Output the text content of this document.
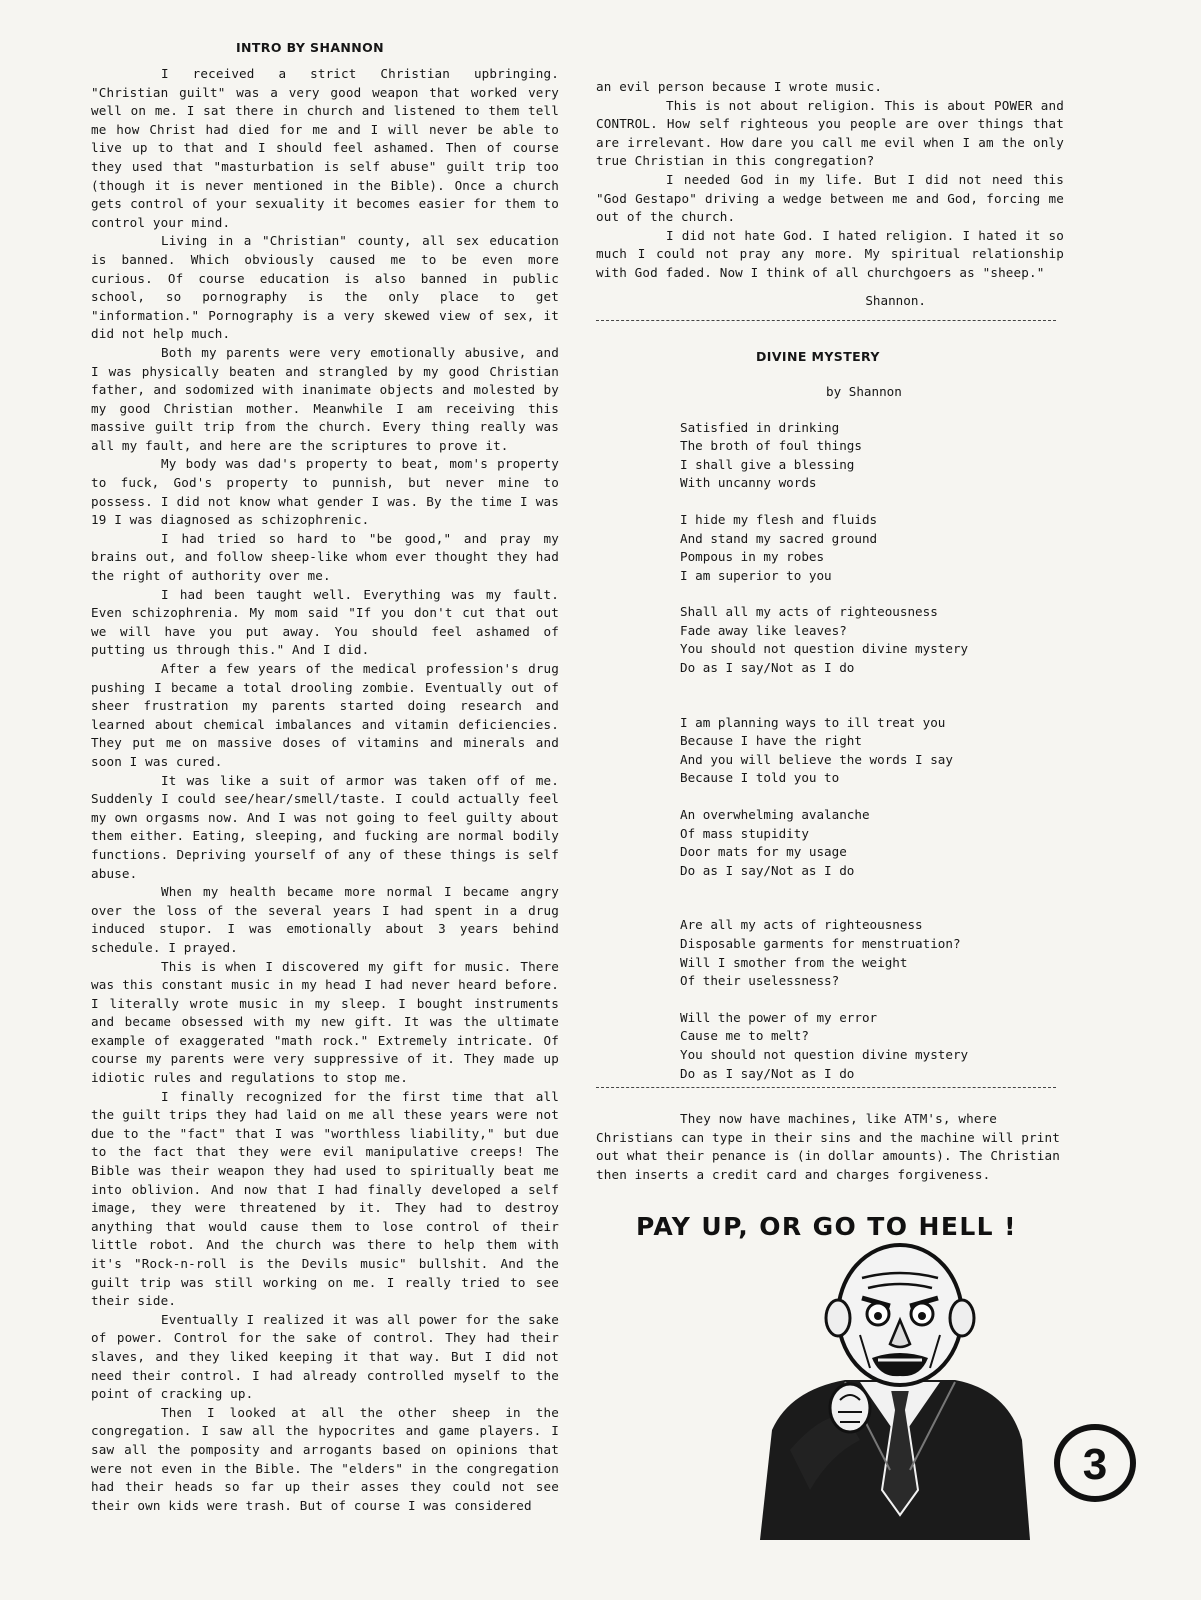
INTRO BY SHANNON

I received a strict Christian upbringing. "Christian guilt" was a very good weapon that worked very well on me. I sat there in church and listened to them tell me how Christ had died for me and I will never be able to live up to that and I should feel ashamed. Then of course they used that "masturbation is self abuse" guilt trip too (though it is never mentioned in the Bible). Once a church gets control of your sexuality it becomes easier for them to control your mind.

Living in a "Christian" county, all sex education is banned. Which obviously caused me to be even more curious. Of course education is also banned in public school, so pornography is the only place to get "information." Pornography is a very skewed view of sex, it did not help much.

Both my parents were very emotionally abusive, and I was physically beaten and strangled by my good Christian father, and sodomized with inanimate objects and molested by my good Christian mother. Meanwhile I am receiving this massive guilt trip from the church. Every thing really was all my fault, and here are the scriptures to prove it.

My body was dad's property to beat, mom's property to fuck, God's property to punnish, but never mine to possess. I did not know what gender I was. By the time I was 19 I was diagnosed as schizophrenic.

I had tried so hard to "be good," and pray my brains out, and follow sheep-like whom ever thought they had the right of authority over me.

I had been taught well. Everything was my fault. Even schizophrenia. My mom said "If you don't cut that out we will have you put away. You should feel ashamed of putting us through this." And I did.

After a few years of the medical profession's drug pushing I became a total drooling zombie. Eventually out of sheer frustration my parents started doing research and learned about chemical imbalances and vitamin deficiencies. They put me on massive doses of vitamins and minerals and soon I was cured.

It was like a suit of armor was taken off of me. Suddenly I could see/hear/smell/taste. I could actually feel my own orgasms now. And I was not going to feel guilty about them either. Eating, sleeping, and fucking are normal bodily functions. Depriving yourself of any of these things is self abuse.

When my health became more normal I became angry over the loss of the several years I had spent in a drug induced stupor. I was emotionally about 3 years behind schedule. I prayed.

This is when I discovered my gift for music. There was this constant music in my head I had never heard before. I literally wrote music in my sleep. I bought instruments and became obsessed with my new gift. It was the ultimate example of exaggerated "math rock." Extremely intricate. Of course my parents were very suppressive of it. They made up idiotic rules and regulations to stop me.

I finally recognized for the first time that all the guilt trips they had laid on me all these years were not due to the "fact" that I was "worthless liability," but due to the fact that they were evil manipulative creeps! The Bible was their weapon they had used to spiritually beat me into oblivion. And now that I had finally developed a self image, they were threatened by it. They had to destroy anything that would cause them to lose control of their little robot. And the church was there to help them with it's "Rock-n-roll is the Devils music" bullshit. And the guilt trip was still working on me. I really tried to see their side.

Eventually I realized it was all power for the sake of power. Control for the sake of control. They had their slaves, and they liked keeping it that way. But I did not need their control. I had already controlled myself to the point of cracking up.

Then I looked at all the other sheep in the congregation. I saw all the hypocrites and game players. I saw all the pomposity and arrogants based on opinions that were not even in the Bible. The "elders" in the congregation had their heads so far up their asses they could not see their own kids were trash. But of course I was considered

an evil person because I wrote music.

This is not about religion. This is about POWER and CONTROL. How self righteous you people are over things that are irrelevant. How dare you call me evil when I am the only true Christian in this congregation?

I needed God in my life. But I did not need this "God Gestapo" driving a wedge between me and God, forcing me out of the church.

I did not hate God. I hated religion. I hated it so much I could not pray any more. My spiritual relationship with God faded. Now I think of all churchgoers as "sheep."

Shannon.
DIVINE MYSTERY
by Shannon
Satisfied in drinking
The broth of foul things
I shall give a blessing
With uncanny words
I hide my flesh and fluids
And stand my sacred ground
Pompous in my robes
I am superior to you
Shall all my acts of righteousness
Fade away like leaves?
You should not question divine mystery
Do as I say/Not as I do
I am planning ways to ill treat you
Because I have the right
And you will believe the words I say
Because I told you to
An overwhelming avalanche
Of mass stupidity
Door mats for my usage
Do as I say/Not as I do
Are all my acts of righteousness
Disposable garments for menstruation?
Will I smother from the weight
Of their uselessness?
Will the power of my error
Cause me to melt?
You should not question divine mystery
Do as I say/Not as I do

They now have machines, like ATM's, where Christians can type in their sins and the machine will print out what their penance is (in dollar amounts). The Christian then inserts a credit card and charges forgiveness.

PAY UP, OR GO TO HELL !
3
